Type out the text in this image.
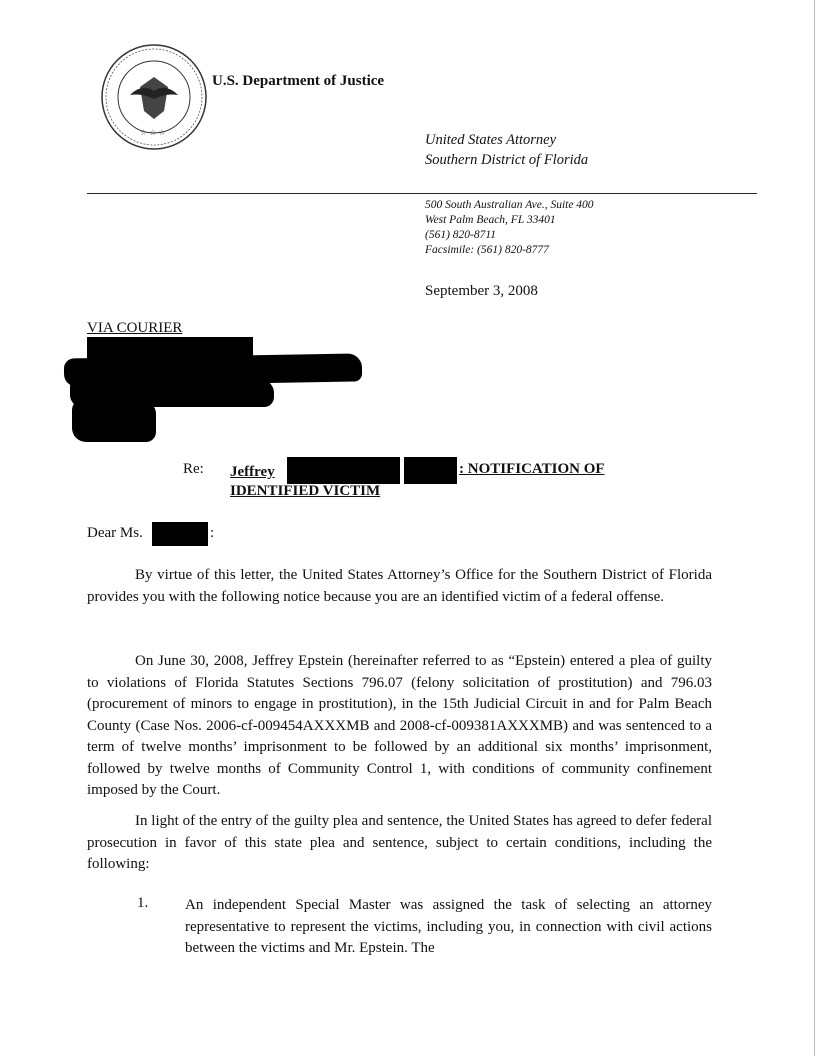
☆ ☆ ☆
U.S. Department of Justice
United States Attorney
Southern District of Florida
500 South Australian Ave., Suite 400
West Palm Beach, FL 33401
(561) 820-8711
Facsimile: (561) 820-8777
September 3, 2008
VIA COURIER
Re: Jeffrey	: NOTIFICATION OF
IDENTIFIED VICTIM
Dear Ms.	:

By virtue of this letter, the United States Attorney’s Office for the Southern District of Florida provides you with the following notice because you are an identified victim of a federal offense.

On June 30, 2008, Jeffrey Epstein (hereinafter referred to as “Epstein) entered a plea of guilty to violations of Florida Statutes Sections 796.07 (felony solicitation of prostitution) and 796.03 (procurement of minors to engage in prostitution), in the 15th Judicial Circuit in and for Palm Beach County (Case Nos. 2006-cf-009454AXXXMB and 2008-cf-009381AXXXMB) and was sentenced to a term of twelve months’ imprisonment to be followed by an additional six months’ imprisonment, followed by twelve months of Community Control 1, with conditions of community confinement imposed by the Court.

In light of the entry of the guilty plea and sentence, the United States has agreed to defer federal prosecution in favor of this state plea and sentence, subject to certain conditions, including the following:

1. An independent Special Master was assigned the task of selecting an attorney representative to represent the victims, including you, in connection with civil actions between the victims and Mr. Epstein. The
